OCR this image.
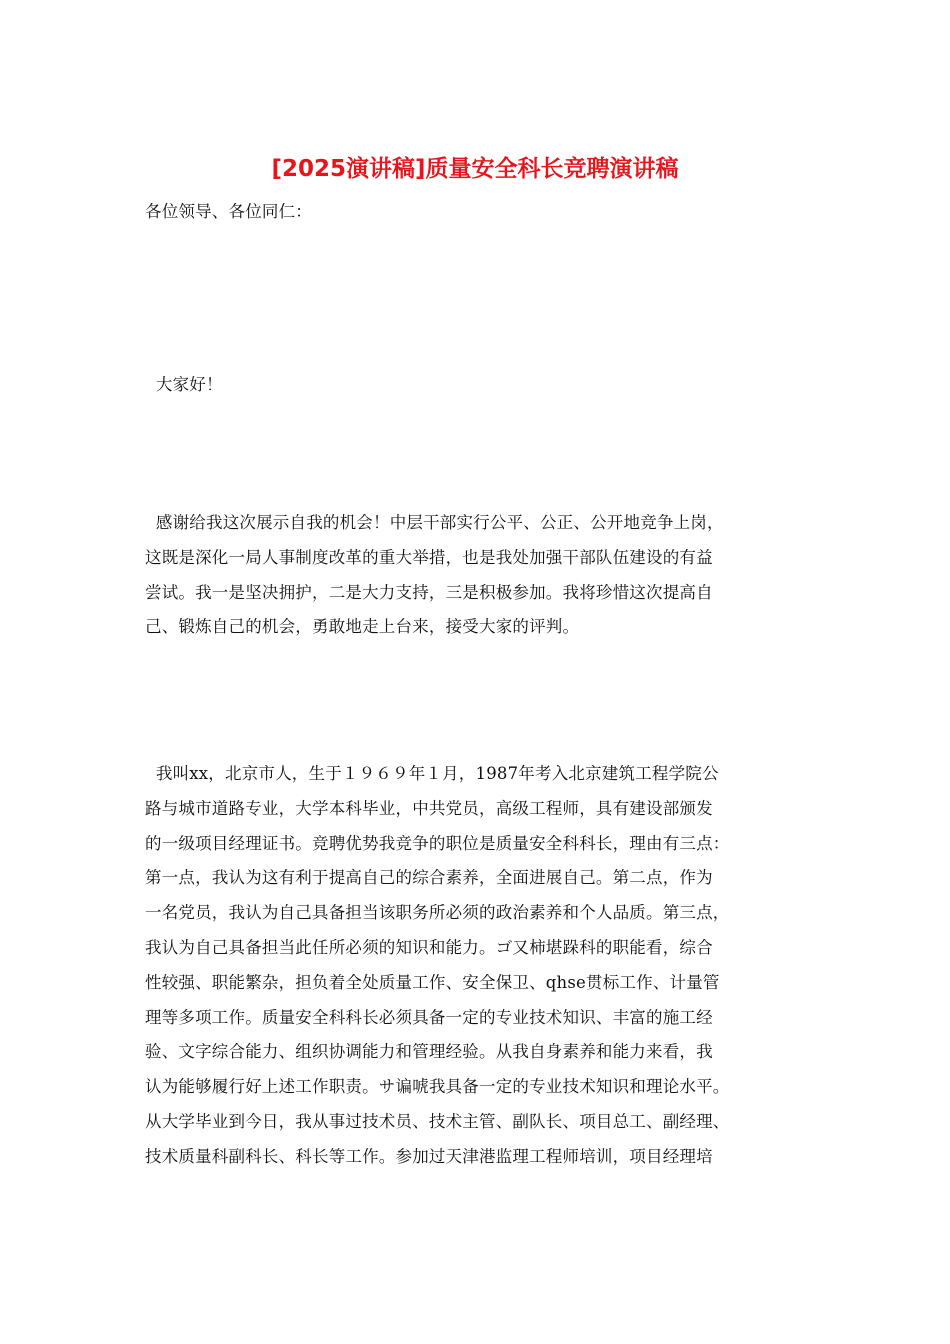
[2025演讲稿]质量安全科长竞聘演讲稿

各位领导、各位同仁：

大家好！

感谢给我这次展示自我的机会！中层干部实行公平、公正、公开地竞争上岗，
这既是深化一局人事制度改革的重大举措，也是我处加强干部队伍建设的有益
尝试。我一是坚决拥护，二是大力支持，三是积极参加。我将珍惜这次提高自
己、锻炼自己的机会，勇敢地走上台来，接受大家的评判。

我叫xx，北京市人，生于１９６９年１月，1987年考入北京建筑工程学院公
路与城市道路专业，大学本科毕业，中共党员，高级工程师，具有建设部颁发
的一级项目经理证书。竞聘优势我竞争的职位是质量安全科科长，理由有三点：
第一点，我认为这有利于提高自己的综合素养，全面进展自己。第二点，作为
一名党员，我认为自己具备担当该职务所必须的政治素养和个人品质。第三点，
我认为自己具备担当此任所必须的知识和能力。ゴ又柿堪跺科的职能看，综合
性较强、职能繁杂，担负着全处质量工作、安全保卫、qhse贯标工作、计量管
理等多项工作。质量安全科科长必须具备一定的专业技术知识、丰富的施工经
验、文字综合能力、组织协调能力和管理经验。从我自身素养和能力来看，我
认为能够履行好上述工作职责。サ谝唬我具备一定的专业技术知识和理论水平。
从大学毕业到今日，我从事过技术员、技术主管、副队长、项目总工、副经理、
技术质量科副科长、科长等工作。参加过天津港监理工程师培训，项目经理培
